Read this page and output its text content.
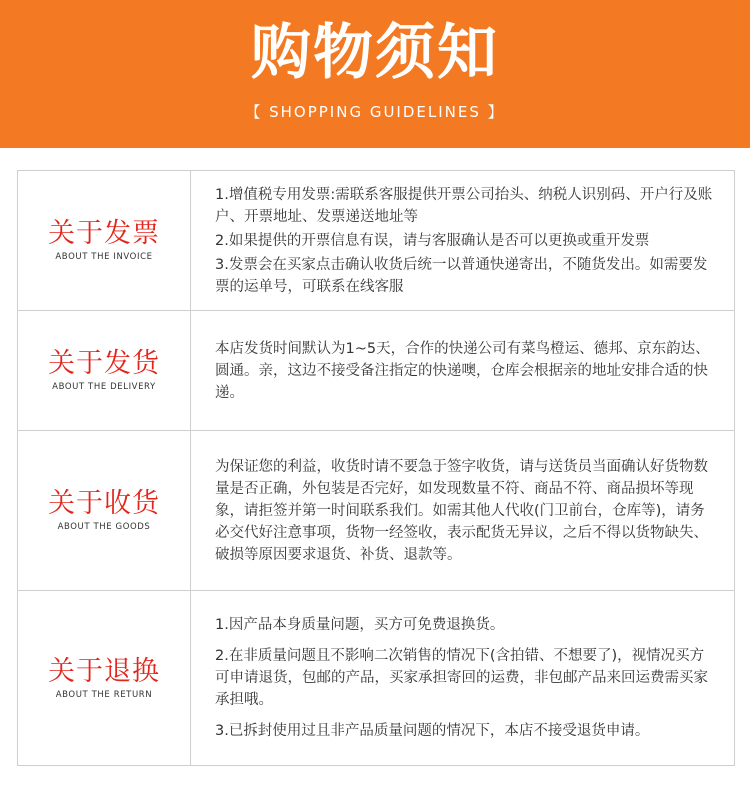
购物须知
【 SHOPPING GUIDELINES 】
关于发票
ABOUT THE INVOICE

1.增值税专用发票:需联系客服提供开票公司抬头、纳税人识别码、开户行及账户、开票地址、发票递送地址等

2.如果提供的开票信息有误，请与客服确认是否可以更换或重开发票

3.发票会在买家点击确认收货后统一以普通快递寄出，不随货发出。如需要发票的运单号，可联系在线客服

关于发货
ABOUT THE DELIVERY

本店发货时间默认为1~5天，合作的快递公司有菜鸟橙运、德邦、京东韵达、圆通。亲，这边不接受备注指定的快递噢，仓库会根据亲的地址安排合适的快递。

关于收货
ABOUT THE GOODS

为保证您的利益，收货时请不要急于签字收货，请与送货员当面确认好货物数量是否正确，外包装是否完好，如发现数量不符、商品不符、商品损坏等现象，请拒签并第一时间联系我们。如需其他人代收(门卫前台，仓库等)，请务必交代好注意事项，货物一经签收，表示配货无异议，之后不得以货物缺失、破损等原因要求退货、补货、退款等。

关于退换
ABOUT THE RETURN

1.因产品本身质量问题，买方可免费退换货。

2.在非质量问题且不影响二次销售的情况下(含拍错、不想要了)，视情况买方可申请退货，包邮的产品，买家承担寄回的运费，非包邮产品来回运费需买家承担哦。

3.已拆封使用过且非产品质量问题的情况下，本店不接受退货申请。
